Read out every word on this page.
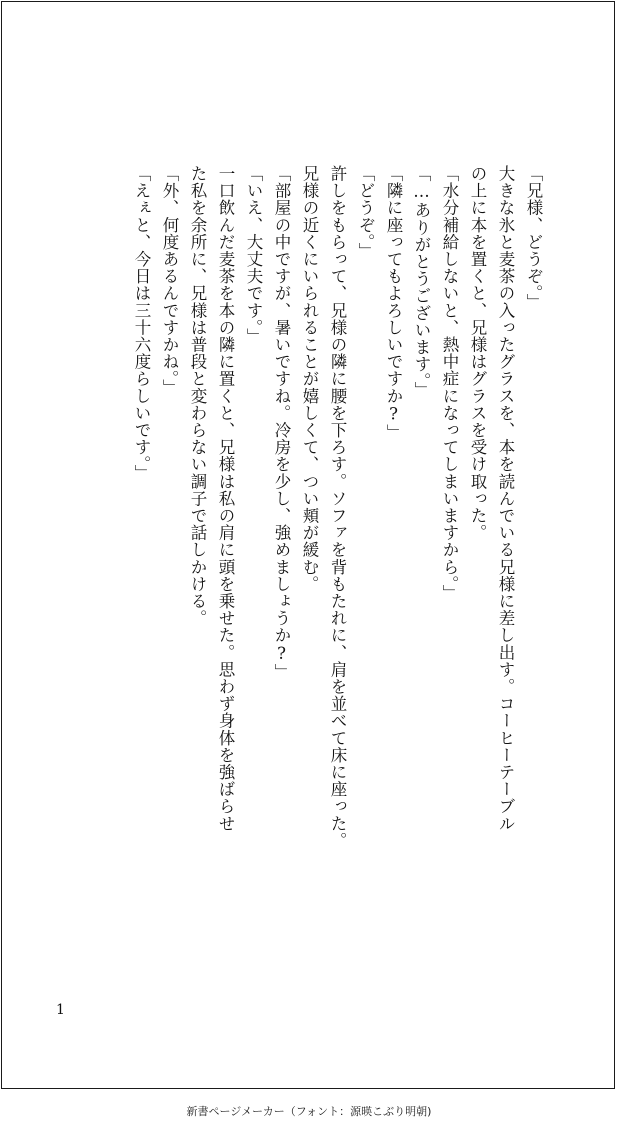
「兄様、どうぞ。」
大きな氷と麦茶の入ったグラスを、本を読んでいる兄様に差し出す。コーヒーテーブル
の上に本を置くと、兄様はグラスを受け取った。
「水分補給しないと、熱中症になってしまいますから。」
「…ありがとうございます。」
「隣に座ってもよろしいですか?」
「どうぞ。」
許しをもらって、兄様の隣に腰を下ろす。ソファを背もたれに、肩を並べて床に座った。
兄様の近くにいられることが嬉しくて、つい頬が緩む。
「部屋の中ですが、暑いですね。冷房を少し、強めましょうか?」
「いえ、大丈夫です。」
一口飲んだ麦茶を本の隣に置くと、兄様は私の肩に頭を乗せた。思わず身体を強ばらせ
た私を余所に、兄様は普段と変わらない調子で話しかける。
「外、何度あるんですかね。」
「えぇと、今日は三十六度らしいです。」
1
新書ページメーカー（フォント：源暎こぶり明朝)
